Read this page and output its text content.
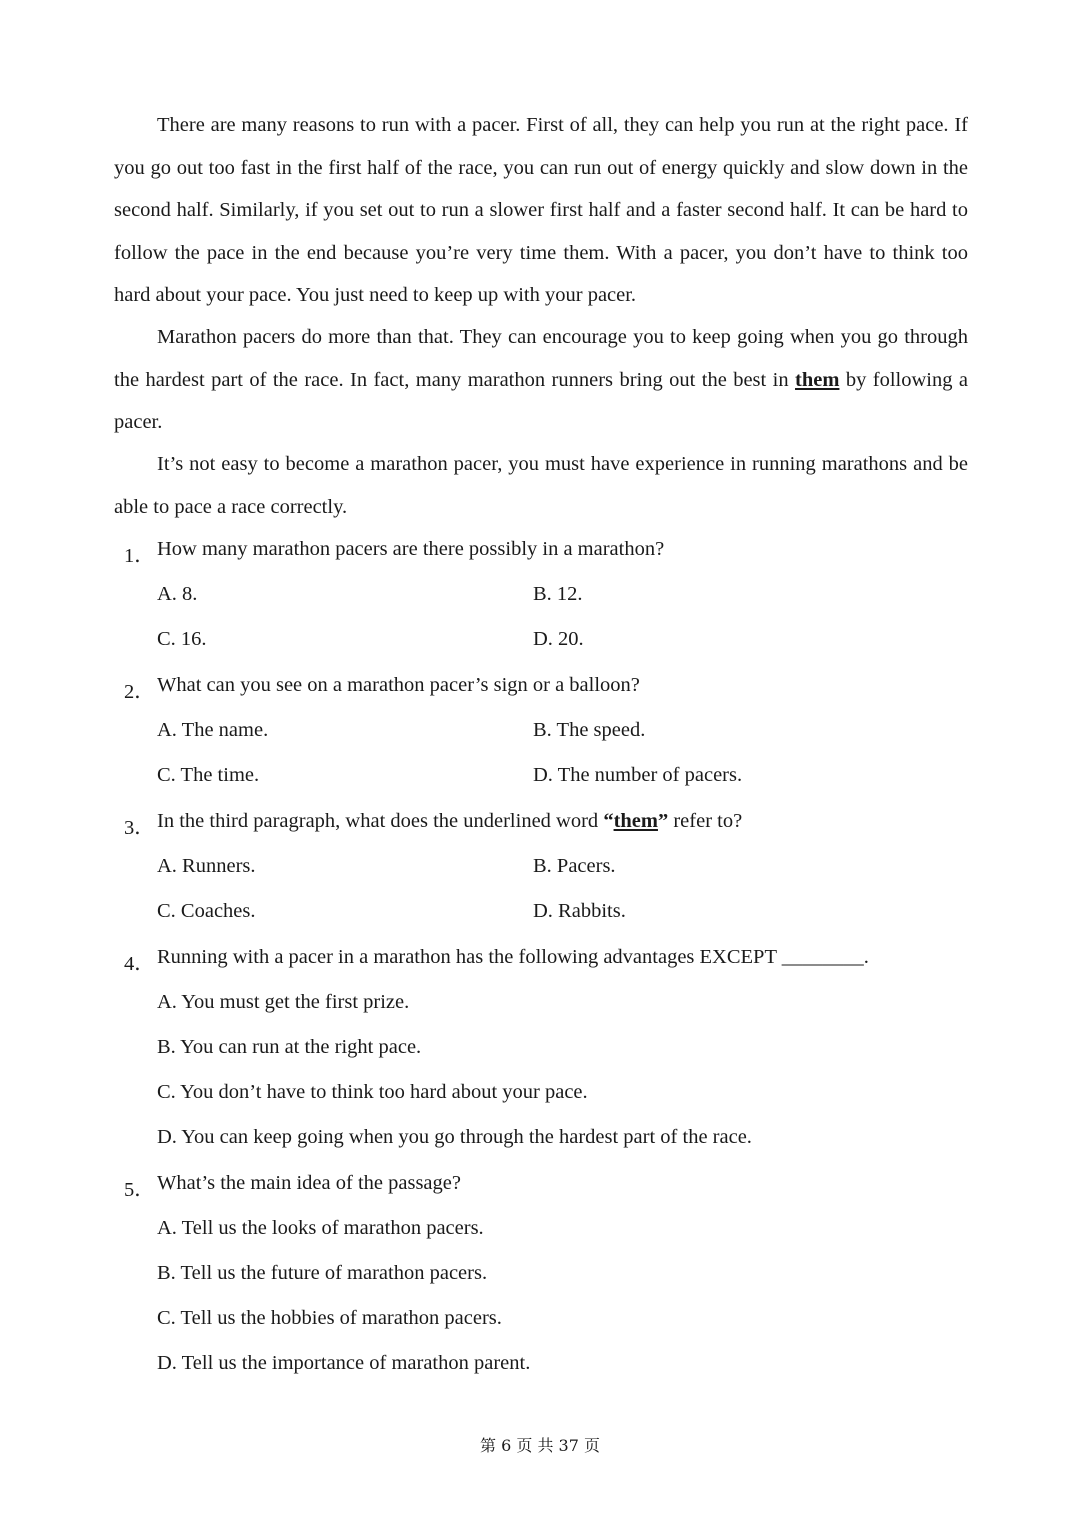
There are many reasons to run with a pacer. First of all, they can help you run at the right pace. If you go out too fast in the first half of the race, you can run out of energy quickly and slow down in the second half. Similarly, if you set out to run a slower first half and a faster second half. It can be hard to follow the pace in the end because you’re very time them. With a pacer, you don’t have to think too hard about your pace. You just need to keep up with your pacer.

Marathon pacers do more than that. They can encourage you to keep going when you go through the hardest part of the race. In fact, many marathon runners bring out the best in them by following a pacer.

It’s not easy to become a marathon pacer, you must have experience in running marathons and be able to pace a race correctly.

1． How many marathon pacers are there possibly in a marathon?
A. 8.	B. 12.
C. 16.	D. 20.
2． What can you see on a marathon pacer’s sign or a balloon?
A. The name.	B. The speed.
C. The time.	D. The number of pacers.
3． In the third paragraph, what does the underlined word “them” refer to?
A. Runners.	B. Pacers.
C. Coaches.	D. Rabbits.
4． Running with a pacer in a marathon has the following advantages EXCEPT ________.
A. You must get the first prize.
B. You can run at the right pace.
C. You don’t have to think too hard about your pace.
D. You can keep going when you go through the hardest part of the race.
5． What’s the main idea of the passage?
A. Tell us the looks of marathon pacers.
B. Tell us the future of marathon pacers.
C. Tell us the hobbies of marathon pacers.
D. Tell us the importance of marathon parent.
第 6 页 共 37 页
